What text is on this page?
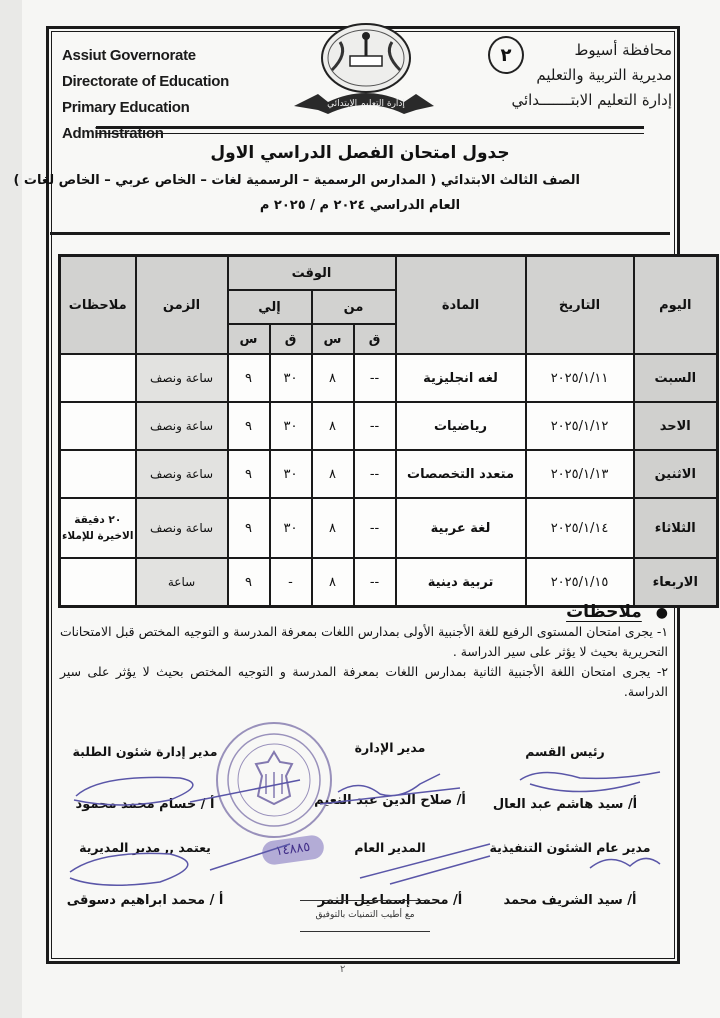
Assiut Governorate
Directorate of Education
Primary Education Administration
إدارة التعليم الابتدائي
٢	محافظة أسيوط
مديرية التربية والتعليم
إدارة التعليم الابتـــــــدائي
جدول امتحان الفصل الدراسي الاول
الصف الثالث الابتدائي ( المدارس الرسمية – الرسمية لغات – الخاص عربي – الخاص لغات )
العام الدراسي ٢٠٢٤ م / ٢٠٢٥ م
اليوم	التاريخ	المادة	الوقت				الزمن	ملاحظات
			من		إلي			
			ق	س	ق	س		
السبت	٢٠٢٥/١/١١	لغه انجليزية	--	٨	٣٠	٩	ساعة ونصف	
الاحد	٢٠٢٥/١/١٢	رياضيات	--	٨	٣٠	٩	ساعة ونصف	
الاثنين	٢٠٢٥/١/١٣	متعدد التخصصات	--	٨	٣٠	٩	ساعة ونصف	
الثلاثاء	٢٠٢٥/١/١٤	لغة عربية	--	٨	٣٠	٩	ساعة ونصف	٢٠ دقيقة الاخيرة للإملاء
الاربعاء	٢٠٢٥/١/١٥	تربية دينية	--	٨	-	٩	ساعة	
●ملاحظات

١- يجرى امتحان المستوى الرفيع للغة الأجنبية الأولى بمدارس اللغات بمعرفة المدرسة و التوجيه المختص قبل الامتحانات التحريرية بحيث لا يؤثر على سير الدراسة .

٢- يجرى امتحان اللغة الأجنبية الثانية بمدارس اللغات بمعرفة المدرسة و التوجيه المختص بحيث لا يؤثر على سير الدراسة.

١٤٨٨٥
رئيس القسم
أ/ سيد هاشم عبد العال
مدير الإدارة
أ/ صلاح الدين عبد النعيم
مدير إدارة شئون الطلبة
أ / حسام محمد محمود
مدير عام الشئون التنفيذية
أ/ سيد الشريف محمد
المدير العام
أ/ محمد إسماعيل النمر
يعتمد ,, مدير المديرية
أ / محمد ابراهيم دسوقى
مع أطيب التمنيات بالتوفيق
٢
